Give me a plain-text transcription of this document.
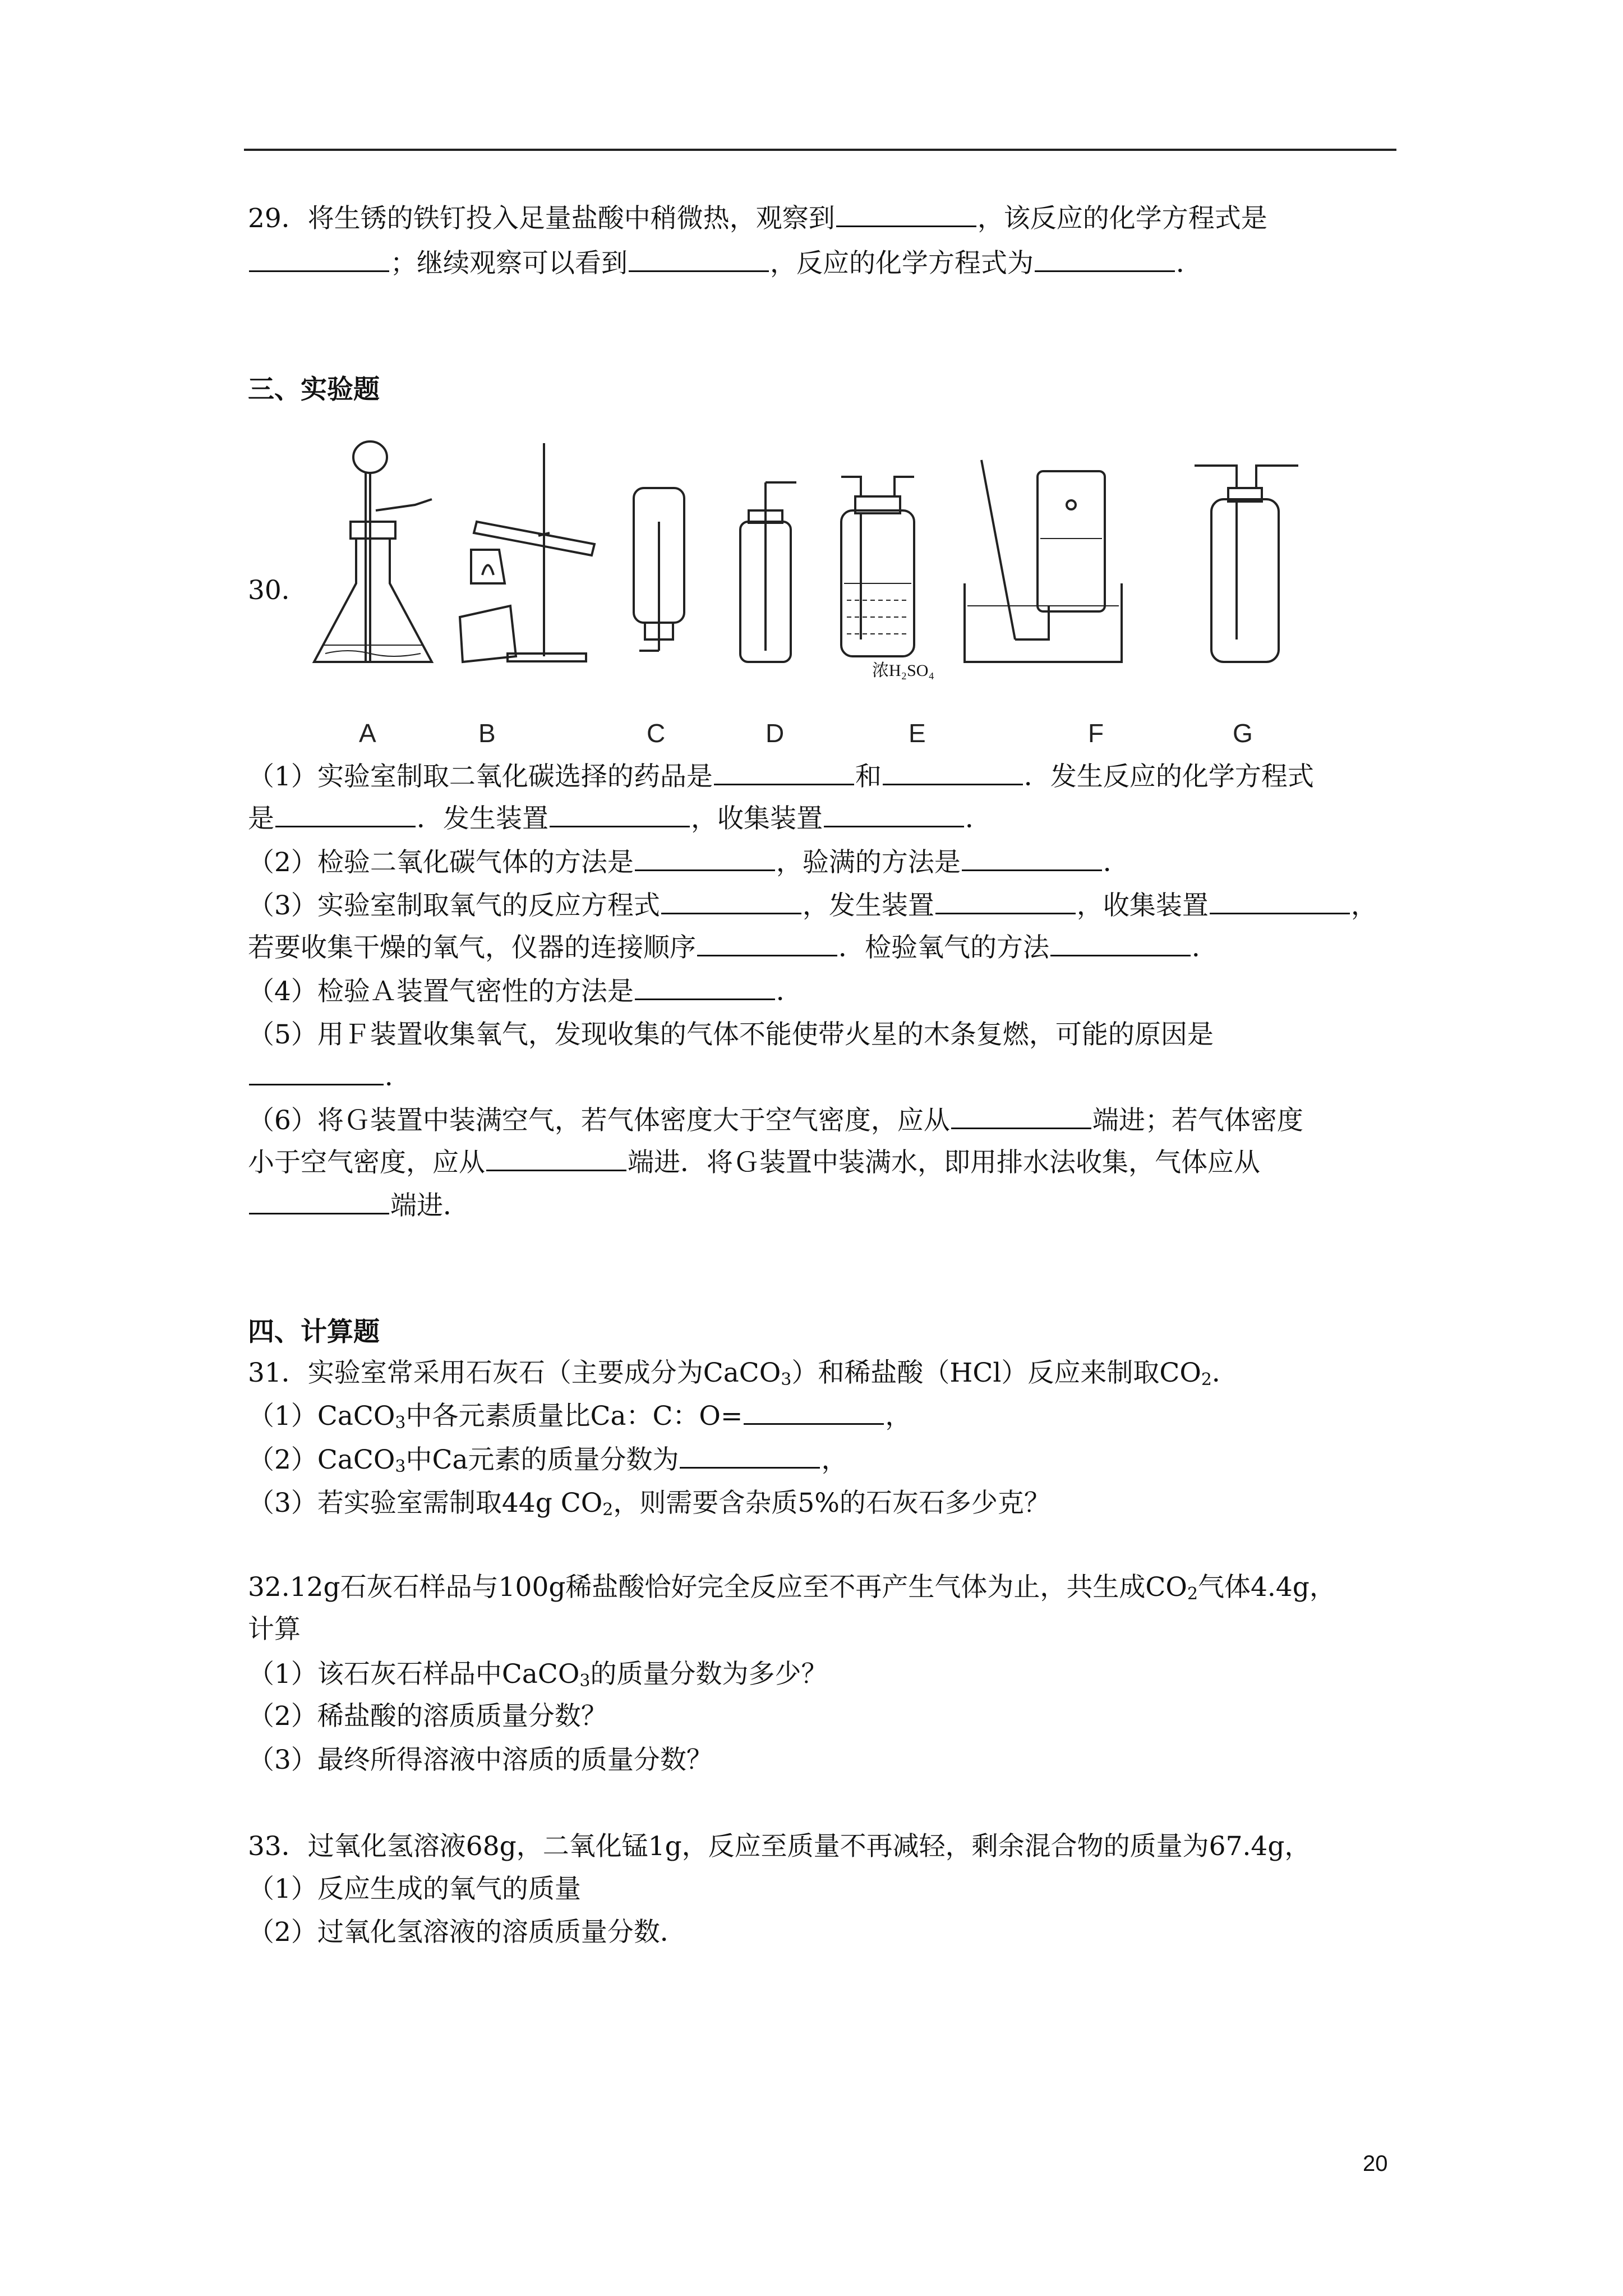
29．将生锈的铁钉投入足量盐酸中稍微热，观察到	，该反应的化学方程式是
；继续观察可以看到	，反应的化学方程式为	．
三、实验题
30．
浓H₂SO₄
A	B	C	D	E	F	G
（1）实验室制取二氧化碳选择的药品是	和	．发生反应的化学方程式
是	．发生装置	，收集装置	．
（2）检验二氧化碳气体的方法是	，验满的方法是	．
（3）实验室制取氧气的反应方程式	，发生装置	，收集装置	，
若要收集干燥的氧气，仪器的连接顺序	．检验氧气的方法	．
（4）检验Ａ装置气密性的方法是	．
（5）用Ｆ装置收集氧气，发现收集的气体不能使带火星的木条复燃，可能的原因是
．
（6）将Ｇ装置中装满空气，若气体密度大于空气密度，应从	端进；若气体密度
小于空气密度，应从	端进．将Ｇ装置中装满水，即用排水法收集，气体应从
端进．
四、计算题
31．实验室常采用石灰石（主要成分为CaCO$_3$）和稀盐酸（HCl）反应来制取$CO_2$．
（1）CaCO$_3$中各元素质量比Ca：C：O=	，
（2）CaCO$_3$中Ca元素的质量分数为	，
（3）若实验室需制取44g $CO_2$，则需要含杂质5%的石灰石多少克？
32.12g石灰石样品与100g稀盐酸恰好完全反应至不再产生气体为止，共生成$CO_2$气体4.4g，
计算
（1）该石灰石样品中CaCO$_3$的质量分数为多少？
（2）稀盐酸的溶质质量分数？
（3）最终所得溶液中溶质的质量分数？
33．过氧化氢溶液68g，二氧化锰1g，反应至质量不再减轻，剩余混合物的质量为67.4g，
（1）反应生成的氧气的质量
（2）过氧化氢溶液的溶质质量分数．
20
